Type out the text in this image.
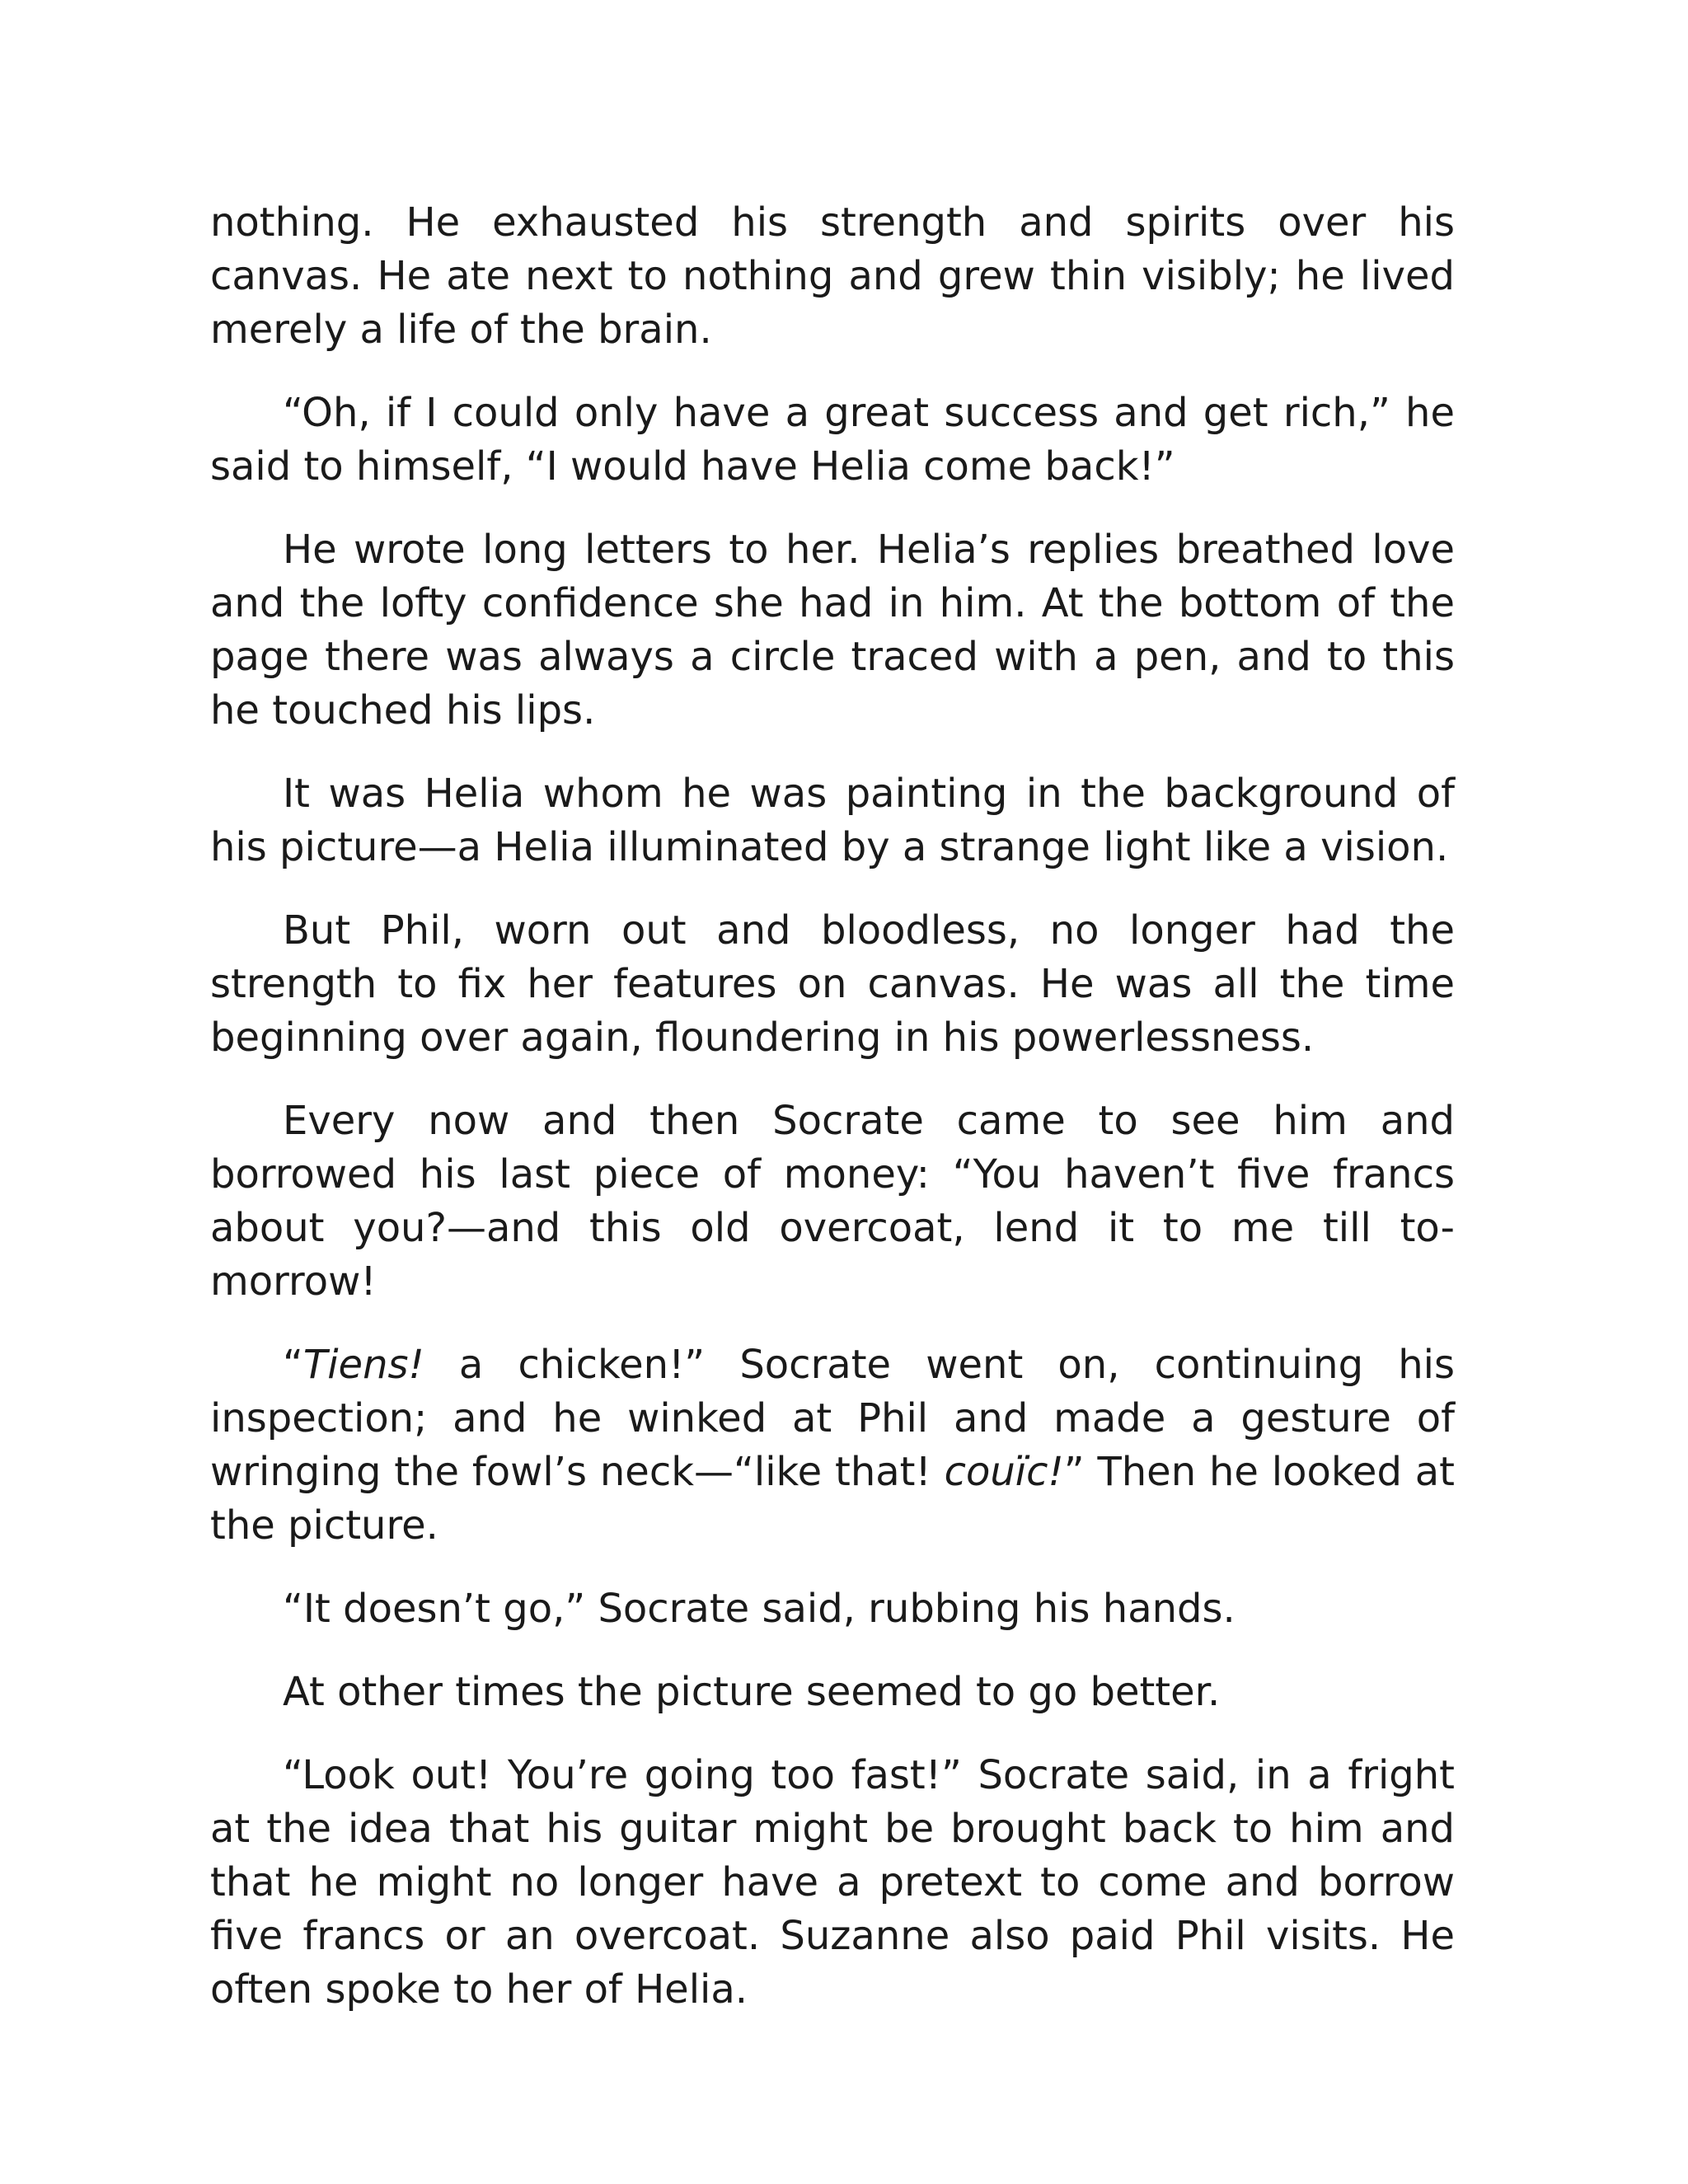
nothing. He exhausted his strength and spirits over his canvas. He ate next to nothing and grew thin visibly; he lived merely a life of the brain.

“Oh, if I could only have a great success and get rich,” he said to himself, “I would have Helia come back!”

He wrote long letters to her. Helia’s replies breathed love and the lofty confidence she had in him. At the bottom of the page there was always a circle traced with a pen, and to this he touched his lips.

It was Helia whom he was painting in the background of his picture—a Helia illuminated by a strange light like a vision.

But Phil, worn out and bloodless, no longer had the strength to fix her features on canvas. He was all the time beginning over again, floundering in his powerlessness.

Every now and then Socrate came to see him and borrowed his last piece of money: “You haven’t five francs about you?—and this old overcoat, lend it to me till to-morrow!

“Tiens! a chicken!” Socrate went on, continuing his inspection; and he winked at Phil and made a gesture of wringing the fowl’s neck—“like that! couïc!” Then he looked at the picture.

“It doesn’t go,” Socrate said, rubbing his hands.

At other times the picture seemed to go better.

“Look out! You’re going too fast!” Socrate said, in a fright at the idea that his guitar might be brought back to him and that he might no longer have a pretext to come and borrow five francs or an overcoat. Suzanne also paid Phil visits. He often spoke to her of Helia.
